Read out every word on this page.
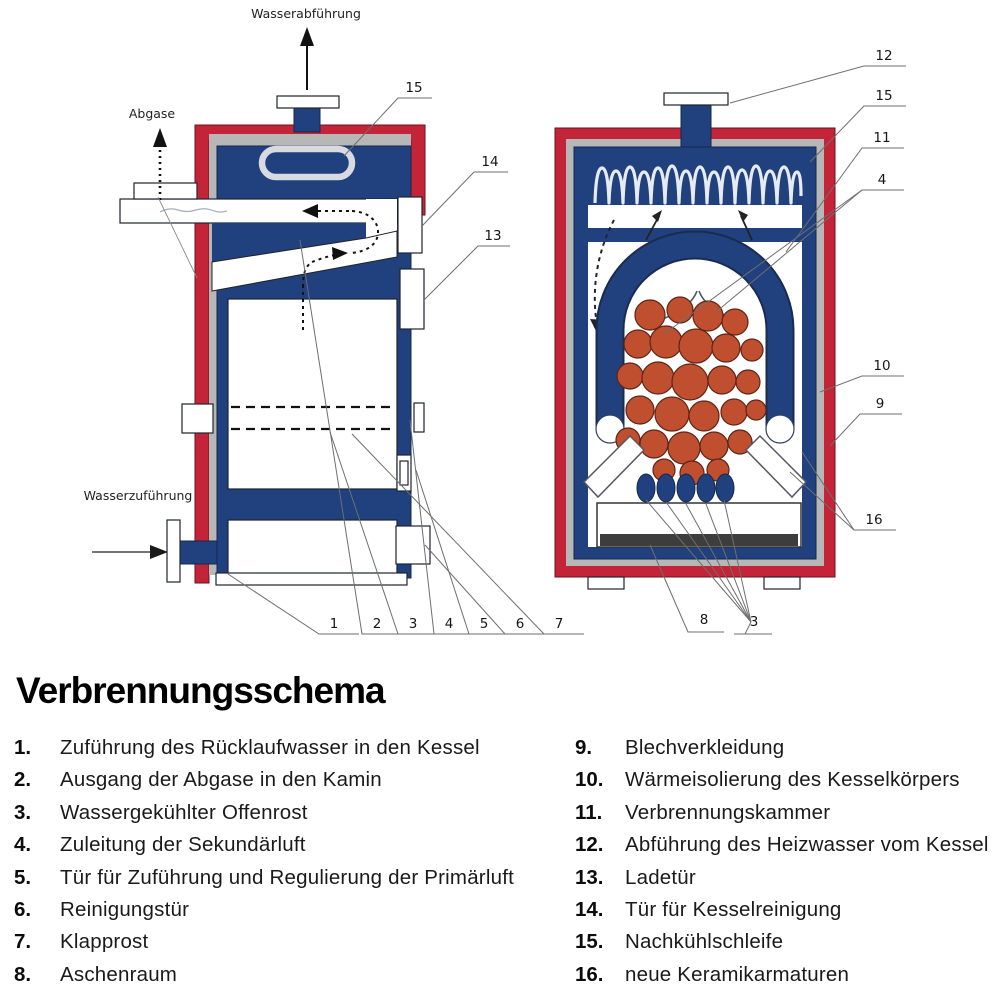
15
14
13
1	2 3 4 5 6 7
Wasserabführung
Abgase
Wasserzuführung
12
15
11
4
10
9
16
8	3
Verbrennungsschema
1.	Zuführung des Rücklaufwasser in den Kessel
2.	Ausgang der Abgase in den Kamin
3.	Wassergekühlter Offenrost
4.	Zuleitung der Sekundärluft
5.	Tür für Zuführung und Regulierung der Primärluft
6.	Reinigungstür
7.	Klapprost
8.	Aschenraum
9.	Blechverkleidung
10.	Wärmeisolierung des Kesselkörpers
11.	Verbrennungskammer
12.	Abführung des Heizwasser vom Kessel
13.	Ladetür
14.	Tür für Kesselreinigung
15.	Nachkühlschleife
16.	neue Keramikarmaturen
